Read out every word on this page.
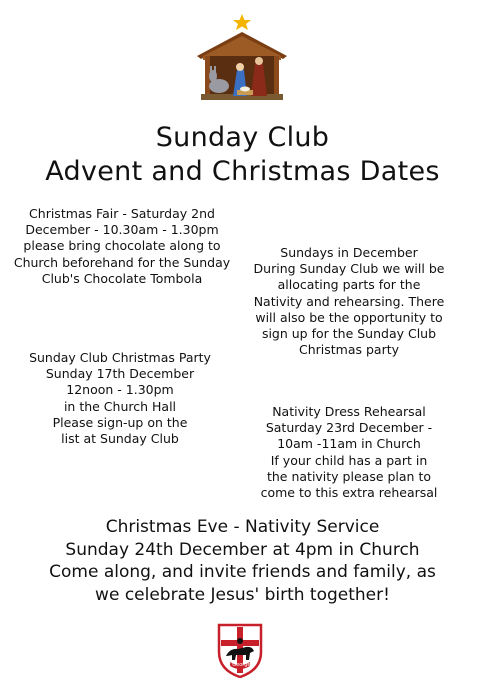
Sunday Club
Advent and Christmas Dates
Christmas Fair - Saturday 2nd
December - 10.30am - 1.30pm
please bring chocolate along to
Church beforehand for the Sunday
Club's Chocolate Tombola
Sundays in December
During Sunday Club we will be
allocating parts for the
Nativity and rehearsing. There
will also be the opportunity to
sign up for the Sunday Club
Christmas party
Sunday Club Christmas Party
Sunday 17th December
12noon - 1.30pm
in the Church Hall
Please sign-up on the
list at Sunday Club
Nativity Dress Rehearsal
Saturday 23rd December -
10am -11am in Church
If your child has a part in
the nativity please plan to
come to this extra rehearsal
Christmas Eve - Nativity Service
Sunday 24th December at 4pm in Church
Come along, and invite friends and family, as
we celebrate Jesus' birth together!
St George's
